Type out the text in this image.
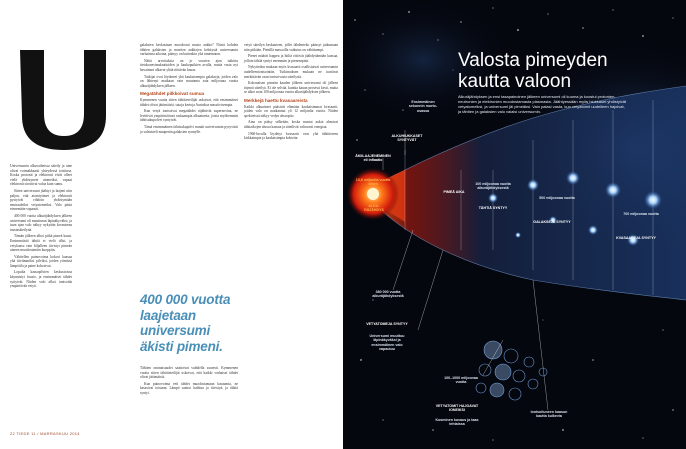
Universumin alkuvaiheissa säteily ja aine olivat voimakkaasti yhteydessä toisiinsa. Koska protonit ja elektronit eivät olleet vielä yhdistyneet atomeiksi, vapaat elektronit sirottivat valoa kuin sumu.

Sitten universumi jäähtyi ja laajeni niin paljon, että atomiytimet ja elektronit pystyivät vihdoin yhdistymään neutraaleiksi vetyatomeiksi. Valo pääsi etenemään vapaasti.

400 000 vuotta alkuräjähdyksen jälkeen universumi oli muuttunut läpinäkyväksi, ja tuon ajan valo näkyy nykyään kosmisena taustasäteilynä.

Tämän jälkeen alkoi pitkä pimeä kausi. Ensimmäisiä tähtiä ei vielä ollut, ja vetykaasu vain hiljalleen tiivistyi pimeän aineen muodostamiin kuoppiin.

Vähitellen painovoima kokosi kaasua yhä tiiviimmiksi pilviksi, joiden ytimissä lämpötila ja paine kohosivat.

Lopulta kaasupilvien keskustoissa käynnistyi fuusio, ja ensimmäiset tähdet syttyivät. Niiden valo alkoi ionisoida ympäröivää vetyä.

galaksien keskustaan muodostui musta aukko? Niistä kohden tähtien galaksien ja mustien aukkojen kehitystä universumin varhaisina aikoina, pääsyy on kuitenkin yhä tuntematon.

Näitä arvoituksia on jo vuosien ajan tutkittu tietokonesimulaatioiden ja kaukoputkien avulla, mutta vasta nyt havainnot alkavat yltää riittävän kauas.

Tutkijat ovat löytäneet yhä kaukaisempia galakseja, joiden valo on lähtenyt matkaan vain muutama sata miljoonaa vuotta alkuräjähdyksen jälkeen.

Megatähdet pilkkoivat sumua

Kymmenen vuotta sitten tähtitieteilijät uskoivat, että ensimmäiset tähdet olivat jättimäisiä, satoja kertoja Aurinkoa massiivisempia.

Kun vetyä ionisoivat megatähdet räjähtivät supernovina, ne levittivät ympäristöönsä raskaampia alkuaineita, joista myöhemmät tähtisukupolvet syntyivät.

Tämä ensimmäinen tähtisukupolvi muutti universumin pysyvästi ja valmisteli maaperän galaksien synnylle.

400 000 vuotta laajetaan universumi äkisti pimeni.

Tähtien ominaisuudet saattoivat vaihdella suuresti. Kymmenen vuotta sitten tähtitieteilijät uskoivat, että kaikki varhaiset tähdet olivat jättimäisiä.

Kun painovoima veti tähdet muodostamaan kasaumia, ne kasasivat toisiaan. Lämpö saattoi haihtua ja tiivistyä, ja tähtiä syntyi.

vetyä säteilyn keskuuteen, jollei tähdenteko päässyt jatkumaan niin pitkään. Pienillä massoilla vaikutus on vähäisempi.

Pienet määrät happea ja hiiltä riittivät jäähdyttämään kaasua, jolloin tähtiä syntyi enemmän ja pienempinä.

Nykytiedon mukaan myös kvasaarit osallistuivat universumin uudelleenionisointiin. Tutkimuksen mukaan ne tuottivat merkittävän osan ionisoivasta säteilystä.

Kokonaisen pimeän kauden jälkeen universumi oli jälleen täynnä säteilyä. Ei ole selvää, kuinka kauan prosessi kesti, mutta se alkoi noin 100 miljoonaa vuotta alkuräjähdyksen jälkeen.

Merkkejä haettu kvasaareista

Kaikki alkuaineet pääsivät elämään kaukaisimmat kvasaarit, joiden valo on matkannut yli 12 miljardia vuotta. Niiden spektreissä näkyy vedyn absorptio.

Aina on pääsy selkeään, koska mustat aukot ahmivat tähtiaikojen alussa kaasua ja säteilivät valtavasti energiaa.

1960-luvulla löydetyt kvasaarit ovat yhä tähtitieteen kirkkaimpia ja kaukaisimpia kohteita.

22 TIEDE 11 / MARRASKUU 2014
Valosta pimeyden kautta valoon
Alkuräjähdyksen ja ensi tasapainoinen jälkeen universumi oli kuuma ja koostui protonien, neutronien ja elektronien muodostamasta plasmasta. Jäähtyessään myös hiukkaset yhdistyivät vetyatomeiksi, ja universumi jäi pimeäksi. Vain palasi vasta, kun vetyatomit uudelleen hajoivat, ja tähtien ja galaksien valo valaisi universumin.
Ensimmäinen sekunnin murto-osassa
ALKUHIUKKASET SYNTYVÄT
ÄKIILAAJENEMINEN eli inflaatio
13,8 miljardia vuotta sitten
ALKU-RÄJÄHDYS
PIMEÄ AIKA
100 miljoonaa vuotta alkuräjähdyksestä
TÄHTIÄ SYNTYY
500 miljoonaa vuotta
GALAKSEJA SYNTYY
700 miljoonaa vuotta
KVASAAREJA SYNTYY
380 000 vuotta alkuräjähdyksestä
VETYATOMEJA SYNTYY
Universumi muuttuu läpinäkyväksi ja ensimmäinen valo vapautuu
100–1000 miljoonaa vuotta
VETYATOMIT HAJOAVAT IONEIKSI
Kosminen kuvaus ja taas tehtaissa
Ionisoituneen kaasun kautta kulkevia
